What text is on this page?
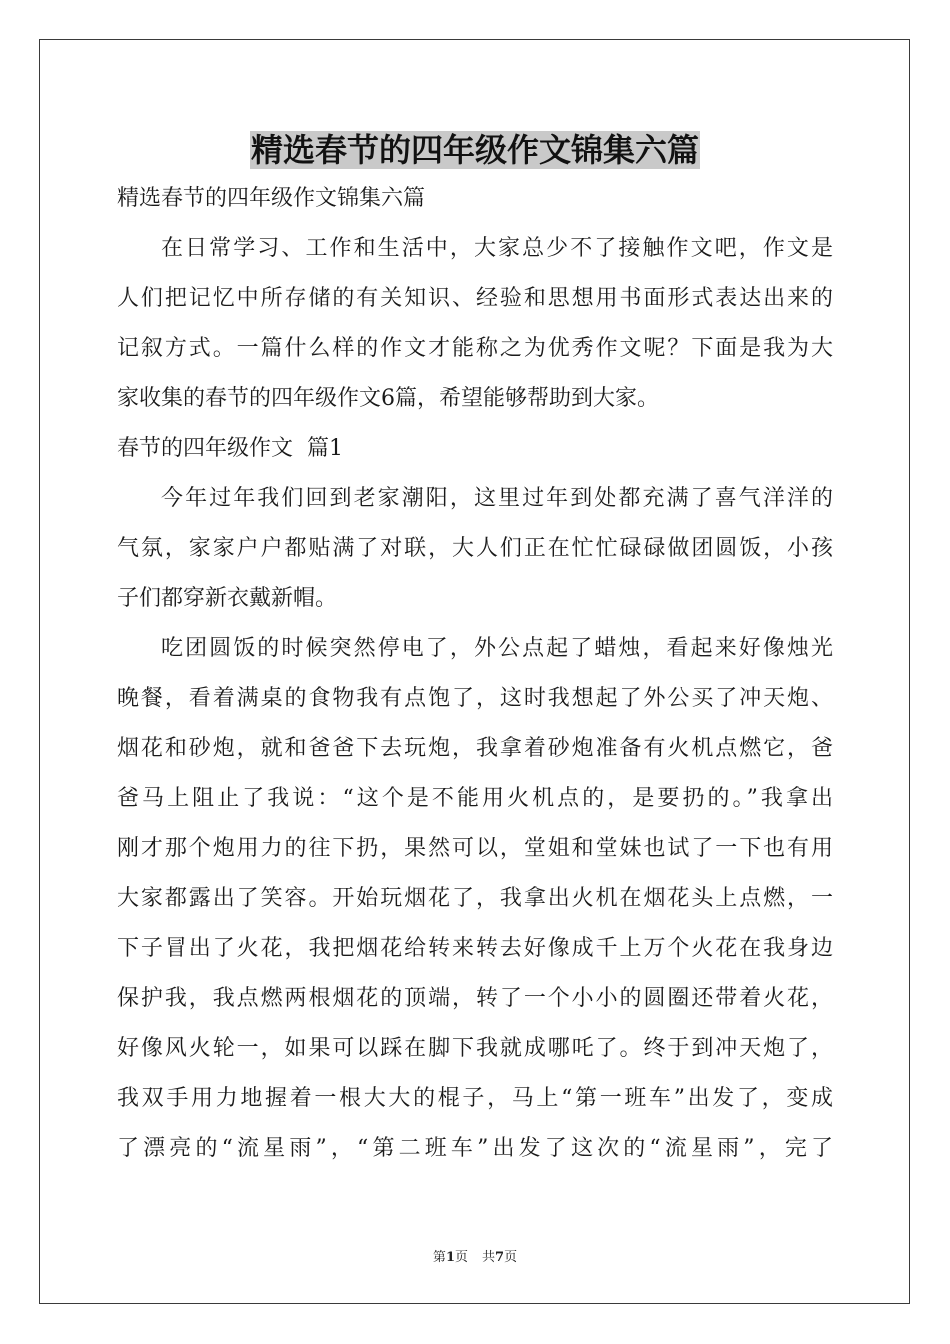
精选春节的四年级作文锦集六篇

精选春节的四年级作文锦集六篇

在日常学习、工作和生活中，大家总少不了接触作文吧，作文是

人们把记忆中所存储的有关知识、经验和思想用书面形式表达出来的

记叙方式。一篇什么样的作文才能称之为优秀作文呢？下面是我为大

家收集的春节的四年级作文6篇，希望能够帮助到大家。

春节的四年级作文  篇1

今年过年我们回到老家潮阳，这里过年到处都充满了喜气洋洋的

气氛，家家户户都贴满了对联，大人们正在忙忙碌碌做团圆饭，小孩

子们都穿新衣戴新帽。

吃团圆饭的时候突然停电了，外公点起了蜡烛，看起来好像烛光

晚餐，看着满桌的食物我有点饱了，这时我想起了外公买了冲天炮、

烟花和砂炮，就和爸爸下去玩炮，我拿着砂炮准备有火机点燃它，爸

爸马上阻止了我说：“这个是不能用火机点的，是要扔的。”我拿出

刚才那个炮用力的往下扔，果然可以，堂姐和堂妹也试了一下也有用

大家都露出了笑容。开始玩烟花了，我拿出火机在烟花头上点燃，一

下子冒出了火花，我把烟花给转来转去好像成千上万个火花在我身边

保护我，我点燃两根烟花的顶端，转了一个小小的圆圈还带着火花，

好像风火轮一，如果可以踩在脚下我就成哪吒了。终于到冲天炮了，

我双手用力地握着一根大大的棍子，马上“第一班车”出发了，变成

了漂亮的“流星雨”，“第二班车”出发了这次的“流星雨”，完了

第1页 共7页
